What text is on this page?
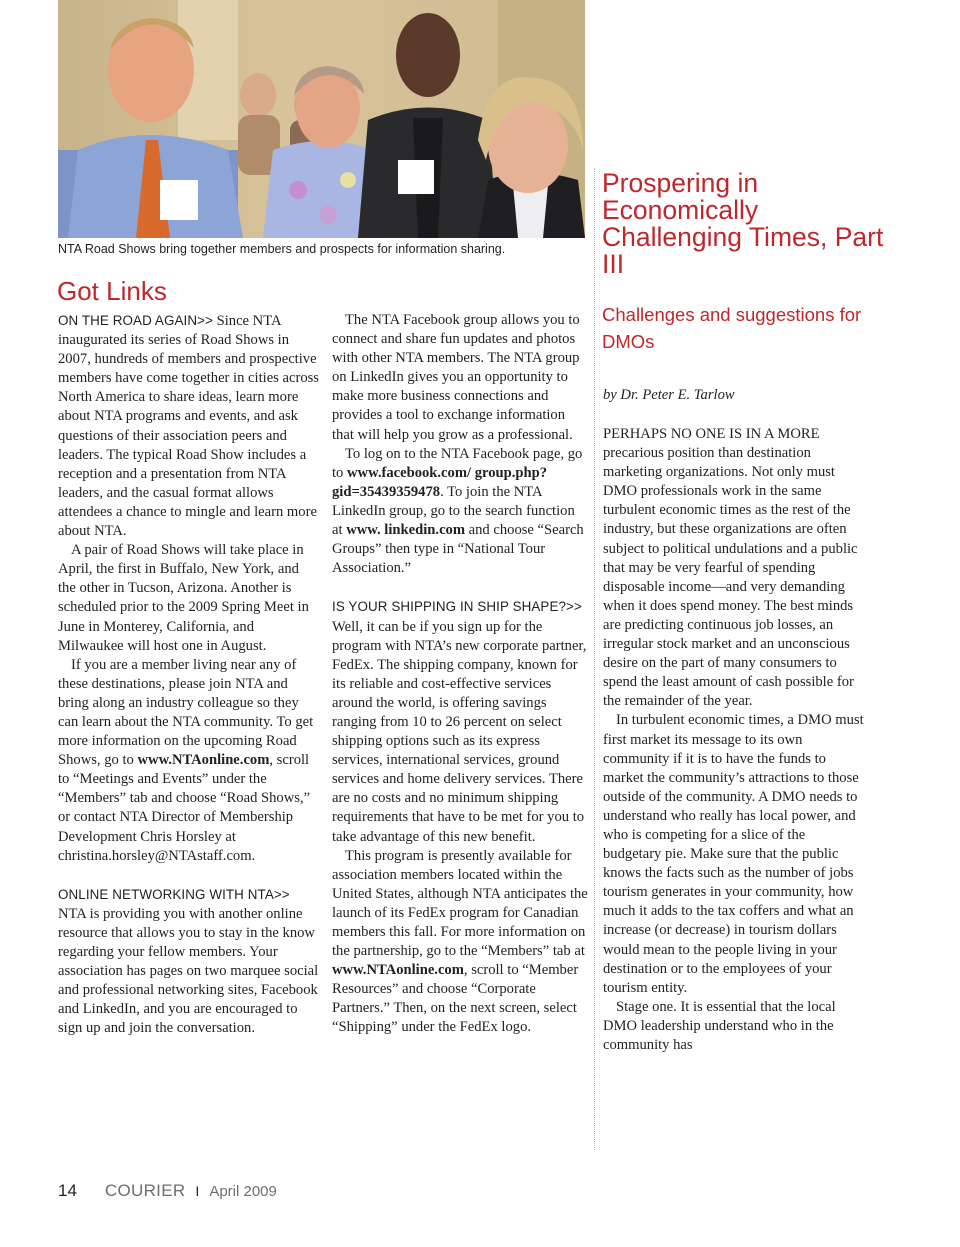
NTA Road Shows bring together members and prospects for information sharing.
Got Links

ON THE ROAD AGAIN>> Since NTA inaugurated its series of Road Shows in 2007, hundreds of members and prospective members have come together in cities across North America to share ideas, learn more about NTA programs and events, and ask questions of their association peers and leaders. The typical Road Show includes a reception and a presentation from NTA leaders, and the casual format allows attendees a chance to mingle and learn more about NTA.

A pair of Road Shows will take place in April, the first in Buffalo, New York, and the other in Tucson, Arizona. Another is scheduled prior to the 2009 Spring Meet in June in Monterey, California, and Milwaukee will host one in August.

If you are a member living near any of these destinations, please join NTA and bring along an industry colleague so they can learn about the NTA community. To get more information on the upcoming Road Shows, go to www.NTAonline.com, scroll to “Meetings and Events” under the “Members” tab and choose “Road Shows,” or contact NTA Director of Membership Development Chris Horsley at christina.horsley@NTAstaff.com.

ONLINE NETWORKING WITH NTA>>

NTA is providing you with another online resource that allows you to stay in the know regarding your fellow members. Your association has pages on two marquee social and professional networking sites, Facebook and LinkedIn, and you are encouraged to sign up and join the conversation.

The NTA Facebook group allows you to connect and share fun updates and photos with other NTA members. The NTA group on LinkedIn gives you an opportunity to make more business connections and provides a tool to exchange information that will help you grow as a professional.

To log on to the NTA Facebook page, go to www.facebook.com/ group.php?gid=35439359478. To join the NTA LinkedIn group, go to the search function at www. linkedin.com and choose “Search Groups” then type in “National Tour Association.”

IS YOUR SHIPPING IN SHIP SHAPE?>> Well, it can be if you sign up for the program with NTA’s new corporate partner, FedEx. The shipping company, known for its reliable and cost-effective services around the world, is offering savings ranging from 10 to 26 percent on select shipping options such as its express services, international services, ground services and home delivery services. There are no costs and no minimum shipping requirements that have to be met for you to take advantage of this new benefit.

This program is presently available for association members located within the United States, although NTA anticipates the launch of its FedEx program for Canadian members this fall. For more information on the partnership, go to the “Members” tab at www.NTAonline.com, scroll to “Member Resources” and choose “Corporate Partners.” Then, on the next screen, select “Shipping” under the FedEx logo.

Prospering in Economically Challenging Times, Part III
Challenges and suggestions for DMOs
by Dr. Peter E. Tarlow

PERHAPS NO ONE IS IN A MORE precarious position than destination marketing organizations. Not only must DMO professionals work in the same turbulent economic times as the rest of the industry, but these organizations are often subject to political undulations and a public that may be very fearful of spending disposable income—and very demanding when it does spend money. The best minds are predicting continuous job losses, an irregular stock market and an unconscious desire on the part of many consumers to spend the least amount of cash possible for the remainder of the year.

In turbulent economic times, a DMO must first market its message to its own community if it is to have the funds to market the community’s attractions to those outside of the community. A DMO needs to understand who really has local power, and who is competing for a slice of the budgetary pie. Make sure that the public knows the facts such as the number of jobs tourism generates in your community, how much it adds to the tax coffers and what an increase (or decrease) in tourism dollars would mean to the people living in your destination or to the employees of your tourism entity.

Stage one. It is essential that the local DMO leadership understand who in the community has

14 COURIER I April 2009
